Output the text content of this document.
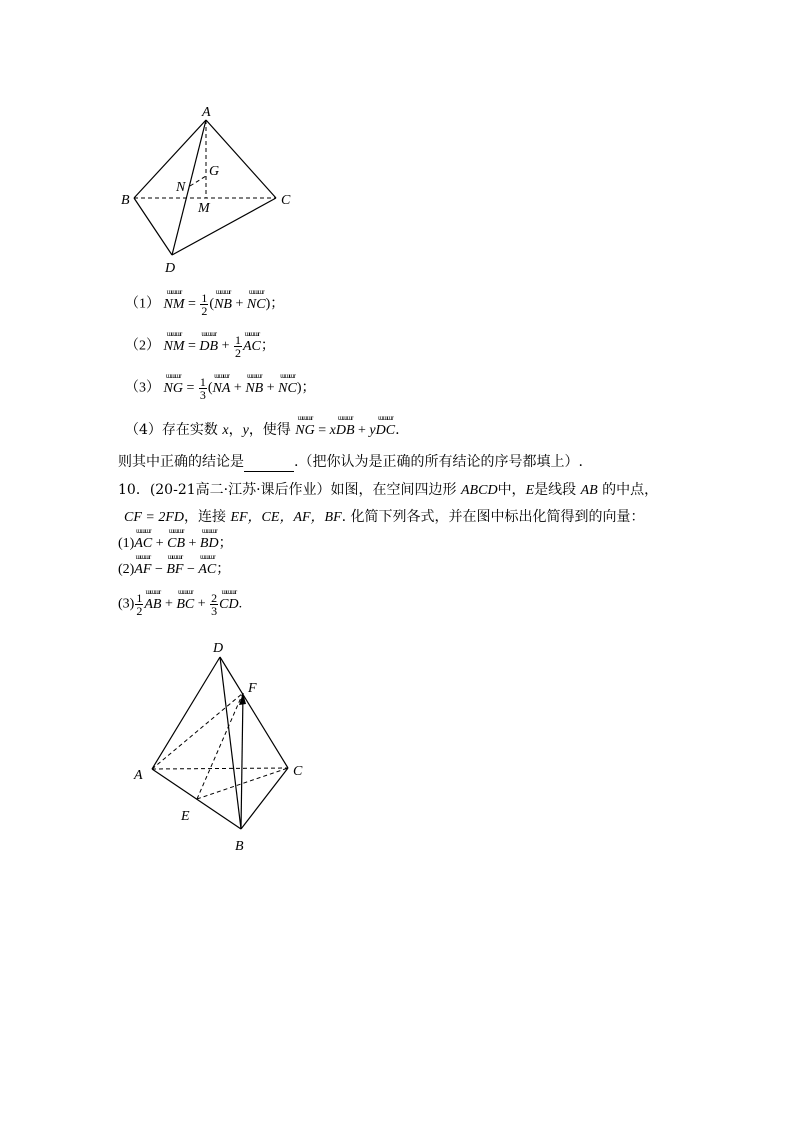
A
B	C
D
G
N
M
（1）
ɯɯɯr
NM = $\frac{1}{2}$ (
ɯɯɯr
NB +
ɯɯɯr
NC)；
（2）
ɯɯɯr
NM =
ɯɯɯr
DB + $\frac{1}{2}$
ɯɯɯr
AC；
（3）
ɯɯɯr
NG = $\frac{1}{3}$ (
ɯɯɯr
NA +
ɯɯɯr
NB +
ɯɯɯr
NC)；
（4）存在实数 x，y，使得
ɯɯɯr
NG = x
ɯɯɯr
DB + y
ɯɯɯr
DC.
则其中正确的结论是	.（把你认为是正确的所有结论的序号都填上）.
10．(20-21高二·江苏·课后作业）如图，在空间四边形 ABCD中，E是线段 AB 的中点，
CF = 2FD，连接 EF，CE，AF，BF. 化简下列各式，并在图中标出化简得到的向量：
(1)
ɯɯɯr
AC +
ɯɯɯr
CB +
ɯɯɯr
BD；
(2)
ɯɯɯr
AF −
ɯɯɯr
BF −
ɯɯɯr
AC；
$(3) \frac{1}{2}$
ɯɯɯr
AB +
ɯɯɯr
BC + $\frac{2}{3}$
ɯɯɯr
CD.
D
F
A	C
E
B
